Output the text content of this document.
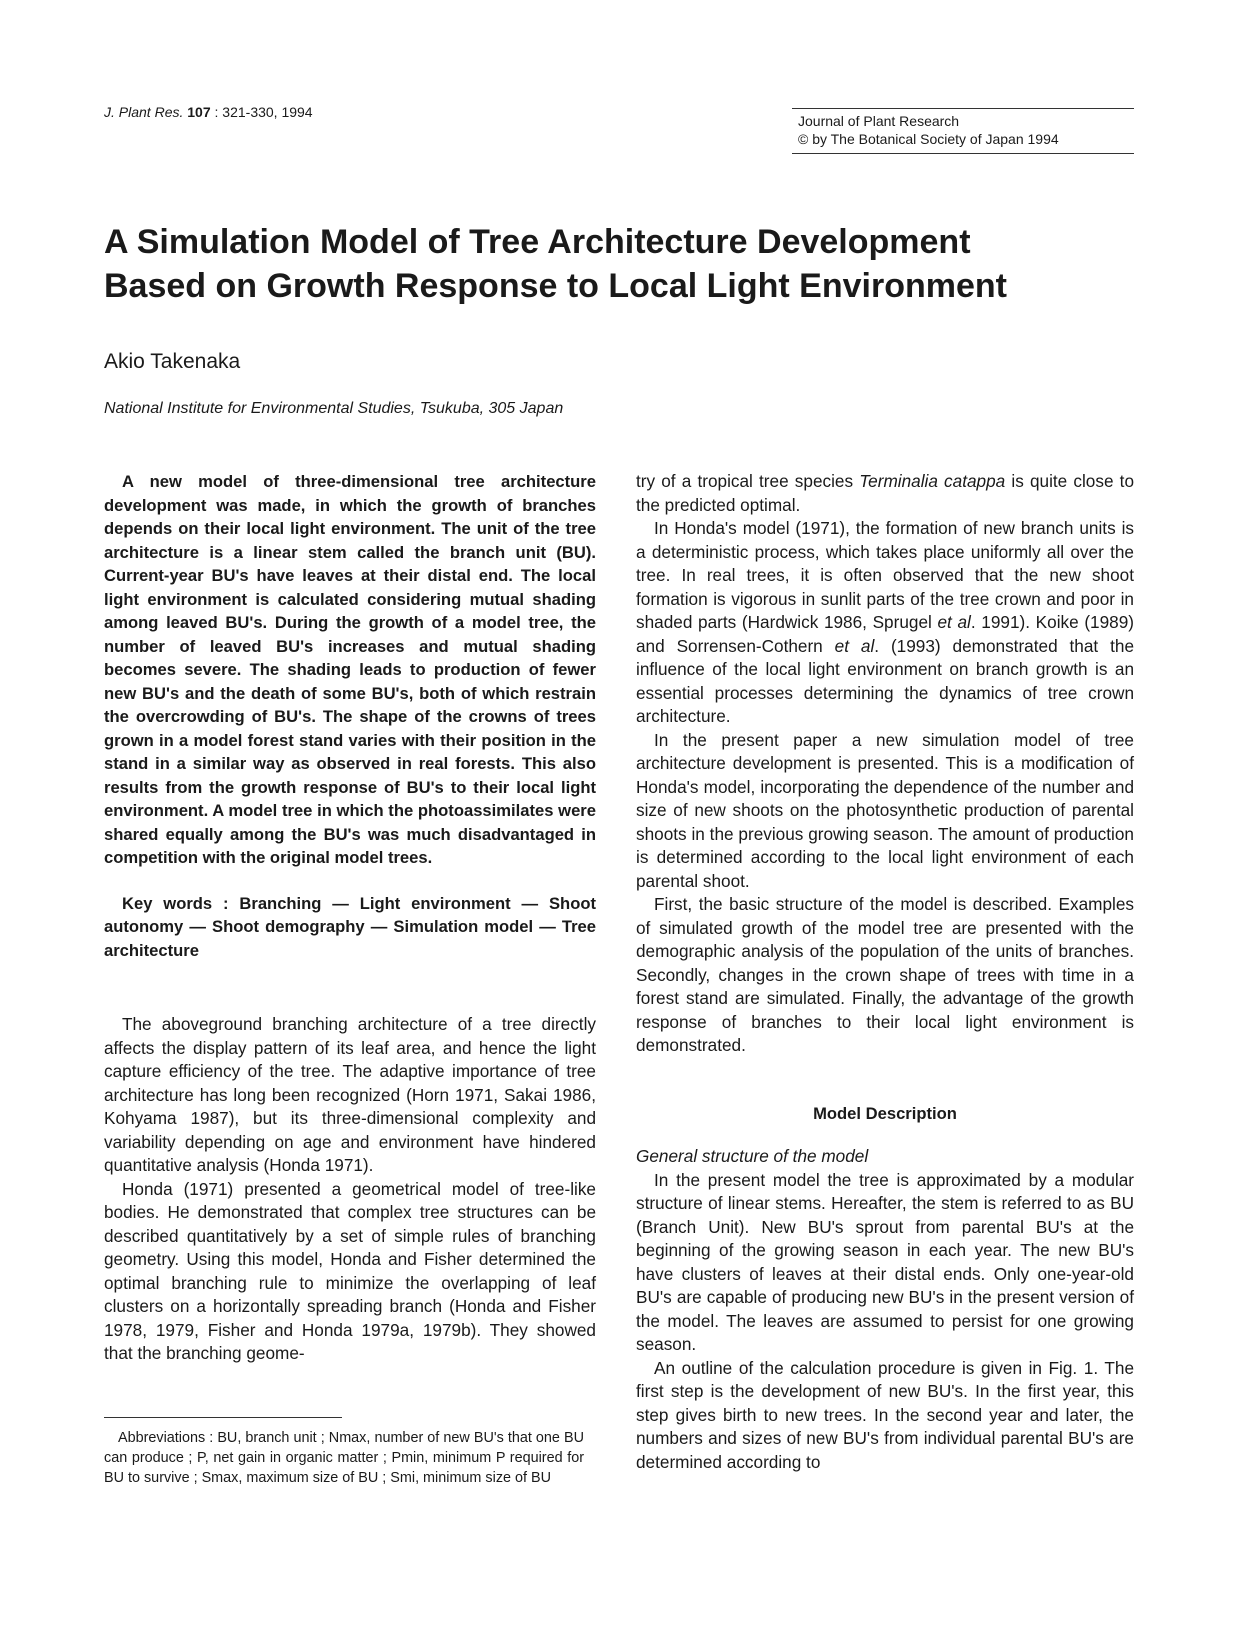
J. Plant Res. 107 : 321-330, 1994
Journal of Plant Research
© by The Botanical Society of Japan 1994
A Simulation Model of Tree Architecture Development
Based on Growth Response to Local Light Environment
Akio Takenaka
National Institute for Environmental Studies, Tsukuba, 305 Japan

A new model of three-dimensional tree architecture development was made, in which the growth of branches depends on their local light environment. The unit of the tree architecture is a linear stem called the branch unit (BU). Current-year BU's have leaves at their distal end. The local light environment is calculated considering mutual shading among leaved BU's. During the growth of a model tree, the number of leaved BU's increases and mutual shading becomes severe. The shading leads to production of fewer new BU's and the death of some BU's, both of which restrain the overcrowding of BU's. The shape of the crowns of trees grown in a model forest stand varies with their position in the stand in a similar way as observed in real forests. This also results from the growth response of BU's to their local light environment. A model tree in which the photoassimilates were shared equally among the BU's was much disadvantaged in competition with the original model trees.

Key words : Branching — Light environment — Shoot autonomy — Shoot demography — Simulation model — Tree architecture

The aboveground branching architecture of a tree directly affects the display pattern of its leaf area, and hence the light capture efficiency of the tree. The adaptive importance of tree architecture has long been recognized (Horn 1971, Sakai 1986, Kohyama 1987), but its three-dimensional complexity and variability depending on age and environment have hindered quantitative analysis (Honda 1971).

Honda (1971) presented a geometrical model of tree-like bodies. He demonstrated that complex tree structures can be described quantitatively by a set of simple rules of branching geometry. Using this model, Honda and Fisher determined the optimal branching rule to minimize the overlapping of leaf clusters on a horizontally spreading branch (Honda and Fisher 1978, 1979, Fisher and Honda 1979a, 1979b). They showed that the branching geome-

try of a tropical tree species Terminalia catappa is quite close to the predicted optimal.

In Honda's model (1971), the formation of new branch units is a deterministic process, which takes place uniformly all over the tree. In real trees, it is often observed that the new shoot formation is vigorous in sunlit parts of the tree crown and poor in shaded parts (Hardwick 1986, Sprugel et al. 1991). Koike (1989) and Sorrensen-Cothern et al. (1993) demonstrated that the influence of the local light environment on branch growth is an essential processes determining the dynamics of tree crown architecture.

In the present paper a new simulation model of tree architecture development is presented. This is a modification of Honda's model, incorporating the dependence of the number and size of new shoots on the photosynthetic production of parental shoots in the previous growing season. The amount of production is determined according to the local light environment of each parental shoot.

First, the basic structure of the model is described. Examples of simulated growth of the model tree are presented with the demographic analysis of the population of the units of branches. Secondly, changes in the crown shape of trees with time in a forest stand are simulated. Finally, the advantage of the growth response of branches to their local light environment is demonstrated.

Model Description

General structure of the model

In the present model the tree is approximated by a modular structure of linear stems. Hereafter, the stem is referred to as BU (Branch Unit). New BU's sprout from parental BU's at the beginning of the growing season in each year. The new BU's have clusters of leaves at their distal ends. Only one-year-old BU's are capable of producing new BU's in the present version of the model. The leaves are assumed to persist for one growing season.

An outline of the calculation procedure is given in Fig. 1. The first step is the development of new BU's. In the first year, this step gives birth to new trees. In the second year and later, the numbers and sizes of new BU's from individual parental BU's are determined according to

Abbreviations : BU, branch unit ; Nmax, number of new BU's that one BU can produce ; P, net gain in organic matter ; Pmin, minimum P required for BU to survive ; Smax, maximum size of BU ; Smi, minimum size of BU
